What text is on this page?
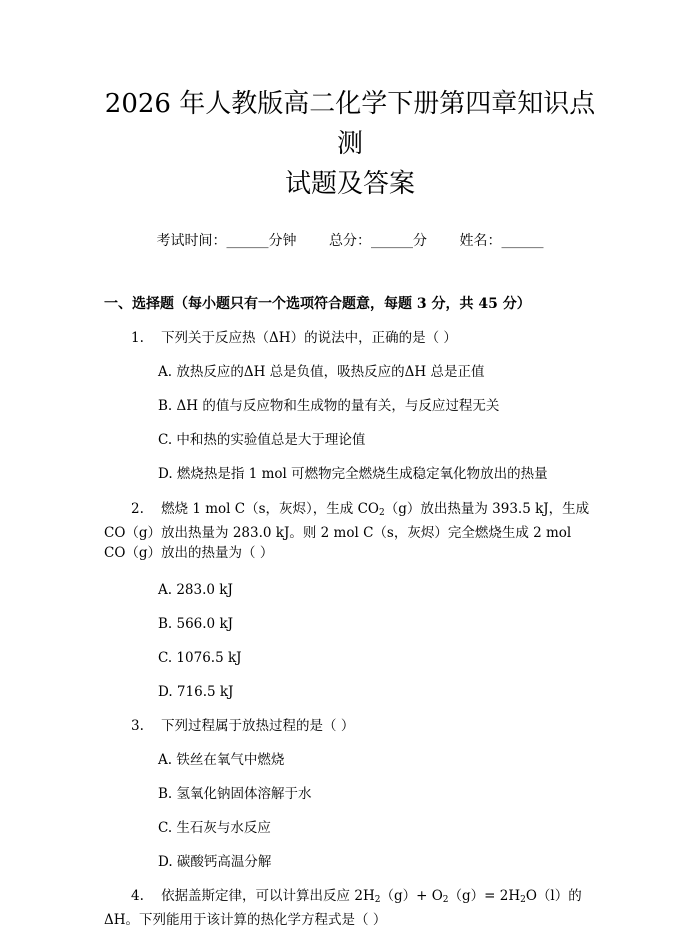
2026 年人教版高二化学下册第四章知识点测
试题及答案
考试时间：______分钟 总分：______分 姓名：______
一、选择题（每小题只有一个选项符合题意，每题 3 分，共 45 分）
1. 下列关于反应热（ΔH）的说法中，正确的是（ ）
A. 放热反应的ΔH 总是负值，吸热反应的ΔH 总是正值
B. ΔH 的值与反应物和生成物的量有关，与反应过程无关
C. 中和热的实验值总是大于理论值
D. 燃烧热是指 1 mol 可燃物完全燃烧生成稳定氧化物放出的热量
2. 燃烧 1 mol C（s，灰烬），生成 $CO_2(g)$放出热量为 393.5 kJ，生成 CO（g）放出热量为 283.0 kJ。则 2 mol C（s，灰烬）完全燃烧生成 2 mol CO（g）放出的热量为（ ）
A. 283.0 kJ
B. 566.0 kJ
C. 1076.5 kJ
D. 716.5 kJ
3. 下列过程属于放热过程的是（ ）
A. 铁丝在氧气中燃烧
B. 氢氧化钠固体溶解于水
C. 生石灰与水反应
D. 碳酸钙高温分解
4. 依据盖斯定律，可以计算出反应 $2H_2(g)+ O_2(g)= 2H_2O(l)$的ΔH。下列能用于该计算的热化学方程式是（ ）
